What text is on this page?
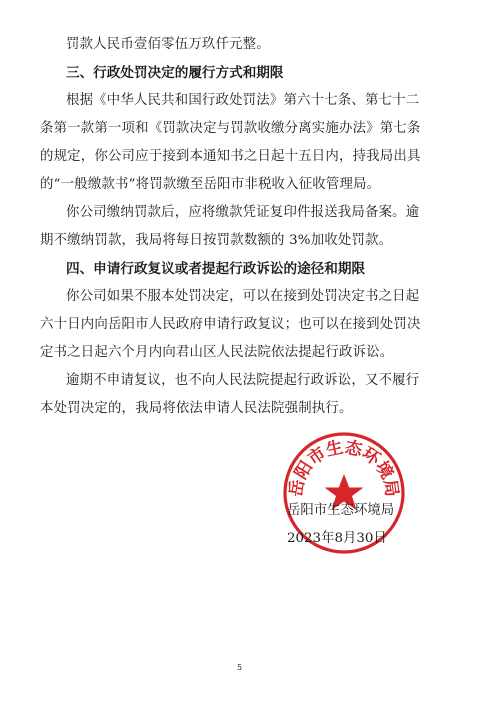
罚款人民币壹佰零伍万玖仟元整。
三、行政处罚决定的履行方式和期限
根据《中华人民共和国行政处罚法》第六十七条、第七十二
条第一款第一项和《罚款决定与罚款收缴分离实施办法》第七条
的规定，你公司应于接到本通知书之日起十五日内，持我局出具
的“一般缴款书”将罚款缴至岳阳市非税收入征收管理局。
你公司缴纳罚款后，应将缴款凭证复印件报送我局备案。逾
期不缴纳罚款，我局将每日按罚款数额的 3%加收处罚款。
四、申请行政复议或者提起行政诉讼的途径和期限
你公司如果不服本处罚决定，可以在接到处罚决定书之日起
六十日内向岳阳市人民政府申请行政复议；也可以在接到处罚决
定书之日起六个月内向君山区人民法院依法提起行政诉讼。
逾期不申请复议，也不向人民法院提起行政诉讼，又不履行
本处罚决定的，我局将依法申请人民法院强制执行。
岳阳市生态环境局
岳阳市生态环境局
2023年8月30日
5
